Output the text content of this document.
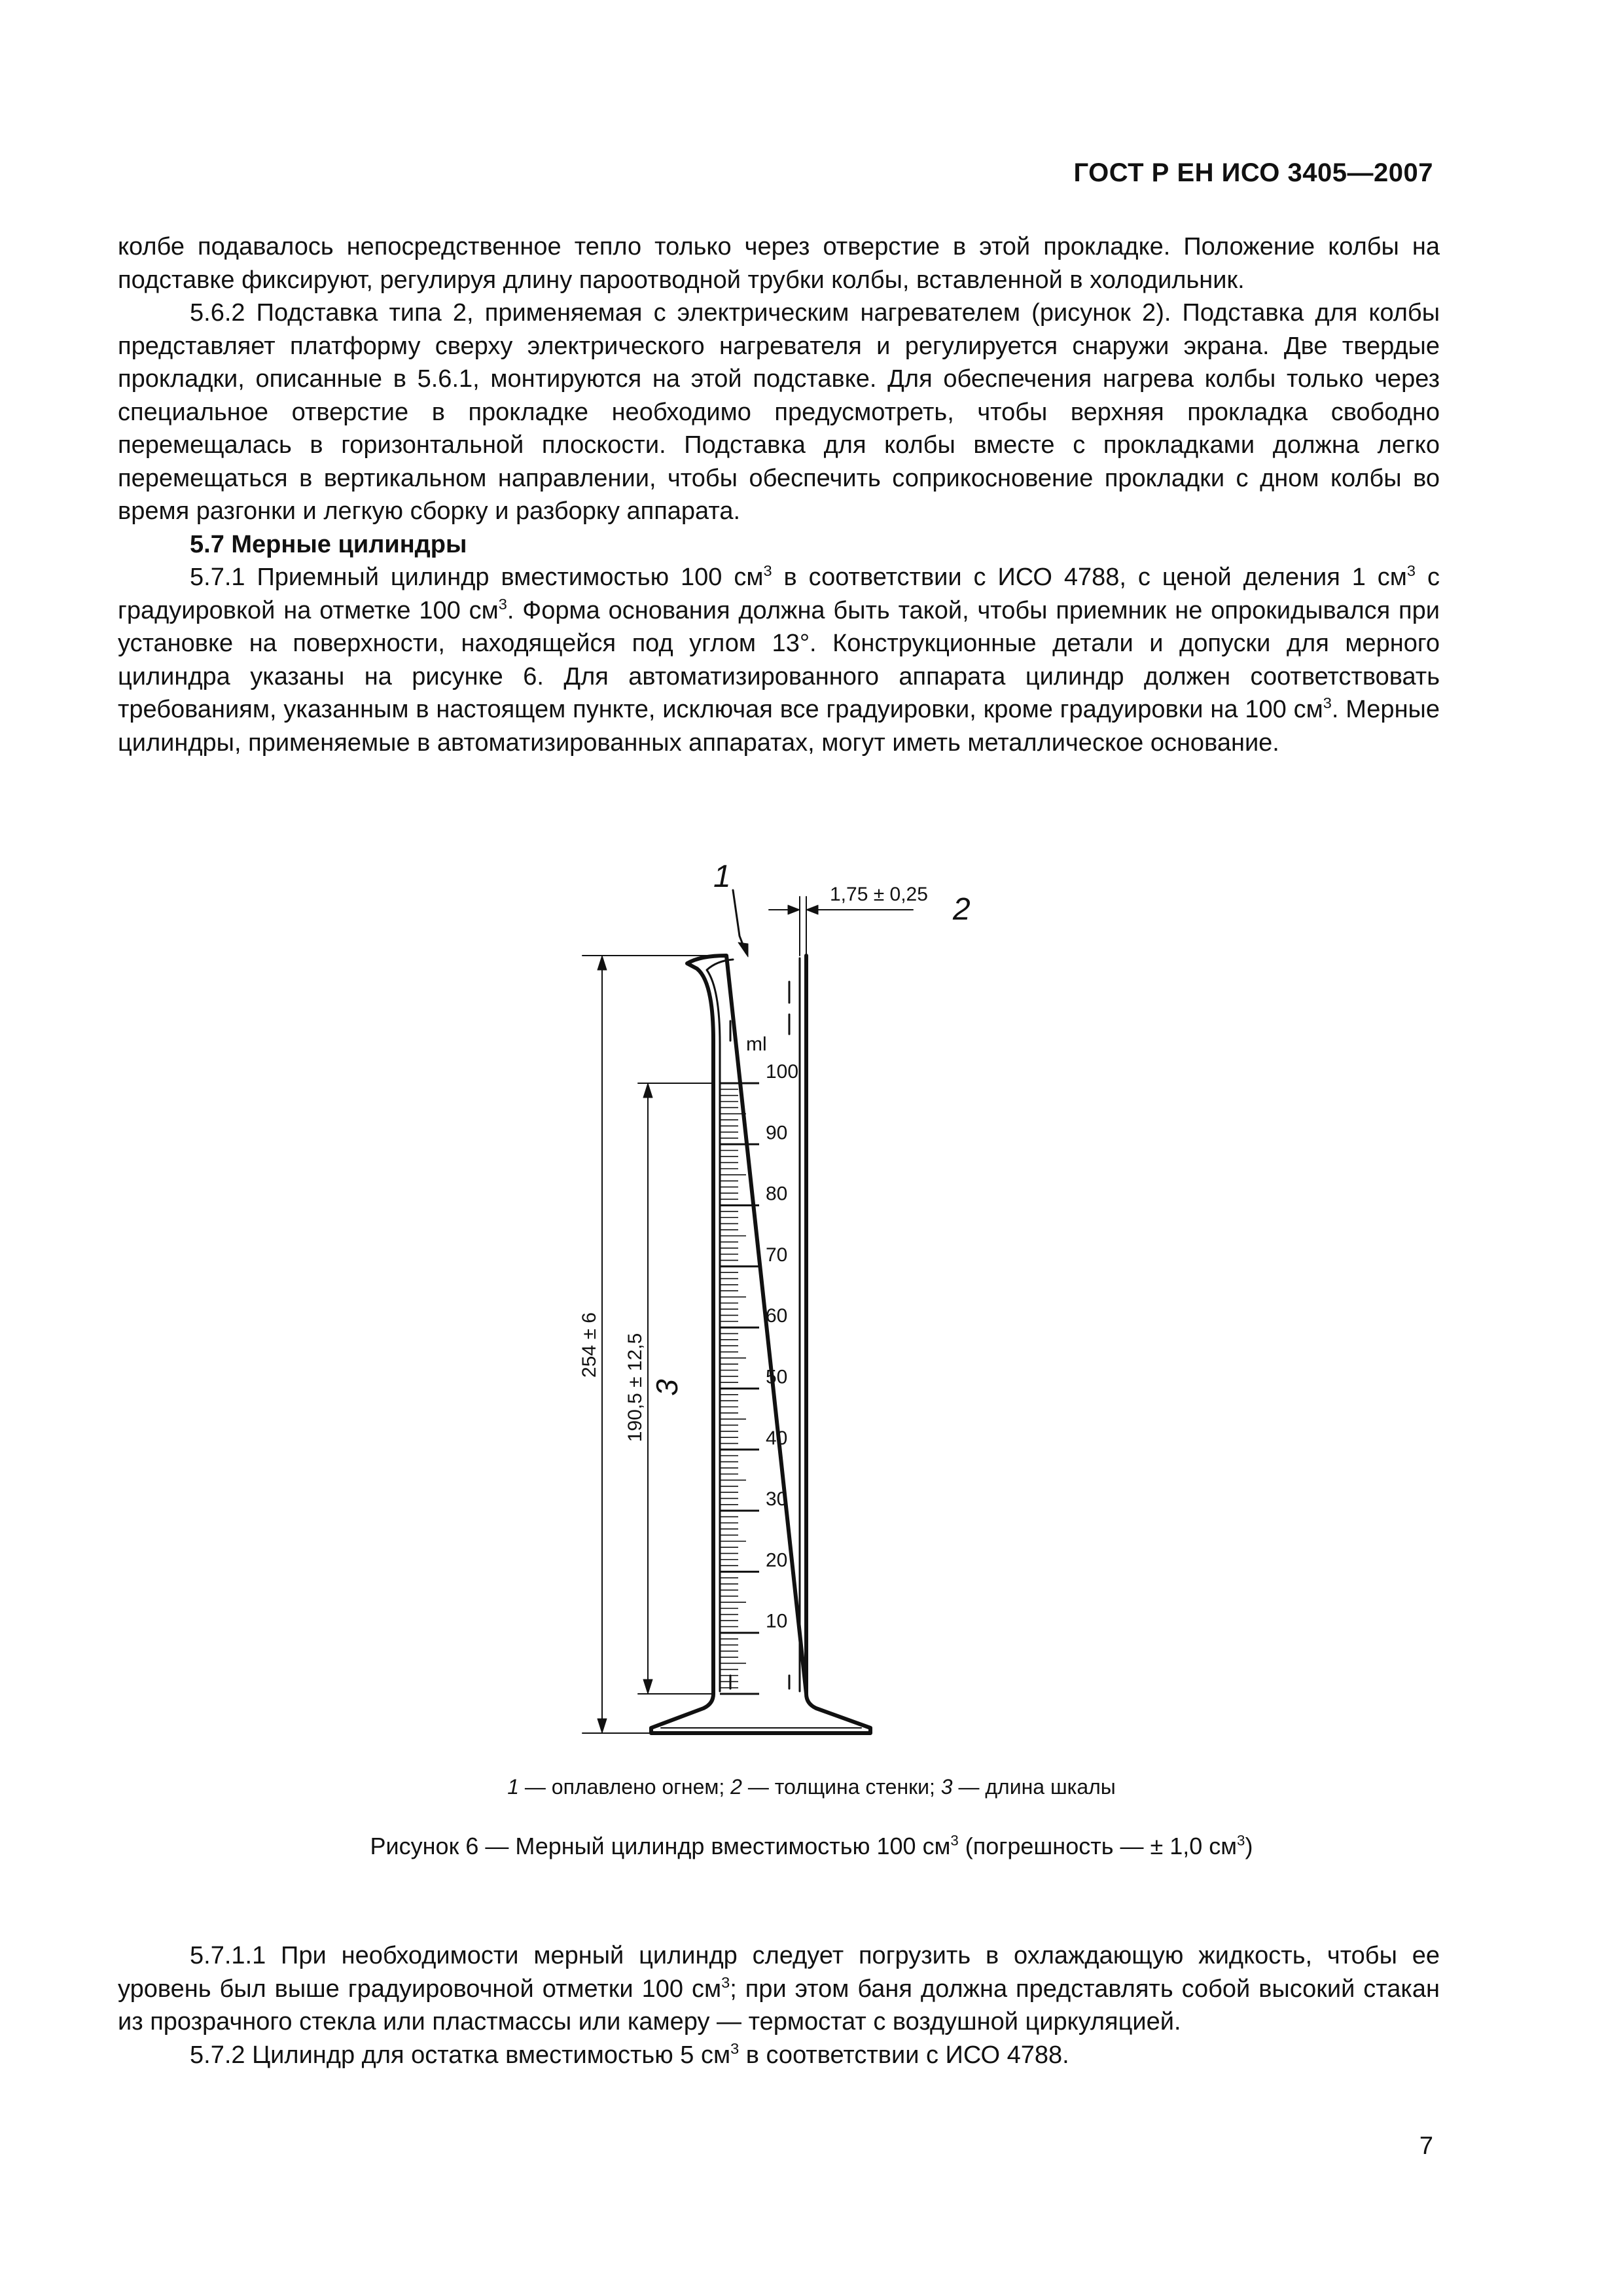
ГОСТ Р ЕН ИСО 3405—2007

колбе подавалось непосредственное тепло только через отверстие в этой прокладке. Положение колбы на подставке фиксируют, регулируя длину пароотводной трубки колбы, вставленной в холодильник.

5.6.2 Подставка типа 2, применяемая с электрическим нагревателем (рисунок 2). Подставка для колбы представляет платформу сверху электрического нагревателя и регулируется снаружи экрана. Две твердые прокладки, описанные в 5.6.1, монтируются на этой подставке. Для обеспечения нагрева колбы только через специальное отверстие в прокладке необходимо предусмотреть, чтобы верхняя прокладка свободно перемещалась в горизонтальной плоскости. Подставка для колбы вместе с прокладками должна легко перемещаться в вертикальном направлении, чтобы обеспечить соприкосновение прокладки с дном колбы во время разгонки и легкую сборку и разборку аппарата.

5.7 Мерные цилиндры

5.7.1 Приемный цилиндр вместимостью 100 $см^3$ в соответствии с ИСО 4788, с ценой деления 1 $см^3$ с градуировкой на отметке 100 $см^3$. Форма основания должна быть такой, чтобы приемник не опрокидывался при установке на поверхности, находящейся под углом 13°. Конструкционные детали и допуски для мерного цилиндра указаны на рисунке 6. Для автоматизированного аппарата цилиндр должен соответствовать требованиям, указанным в настоящем пункте, исключая все градуировки, кроме градуировки на 100 $см^3$. Мерные цилиндры, применяемые в автоматизированных аппаратах, могут иметь металлическое основание.

1
2
1,75 ± 0,25
ml
254 ± 6 190,5 ± 12,5 3
100
90
80
70
60
50
40
30
20
10
1 — оплавлено огнем; 2 — толщина стенки; 3 — длина шкалы
Рисунок 6 — Мерный цилиндр вместимостью 100 $см^3$ (погрешность — ± 1,0 $см^3$)

5.7.1.1 При необходимости мерный цилиндр следует погрузить в охлаждающую жидкость, чтобы ее уровень был выше градуировочной отметки 100 $см^3$; при этом баня должна представлять собой высокий стакан из прозрачного стекла или пластмассы или камеру — термостат с воздушной циркуляцией.

5.7.2 Цилиндр для остатка вместимостью 5 $см^3$ в соответствии с ИСО 4788.

7
